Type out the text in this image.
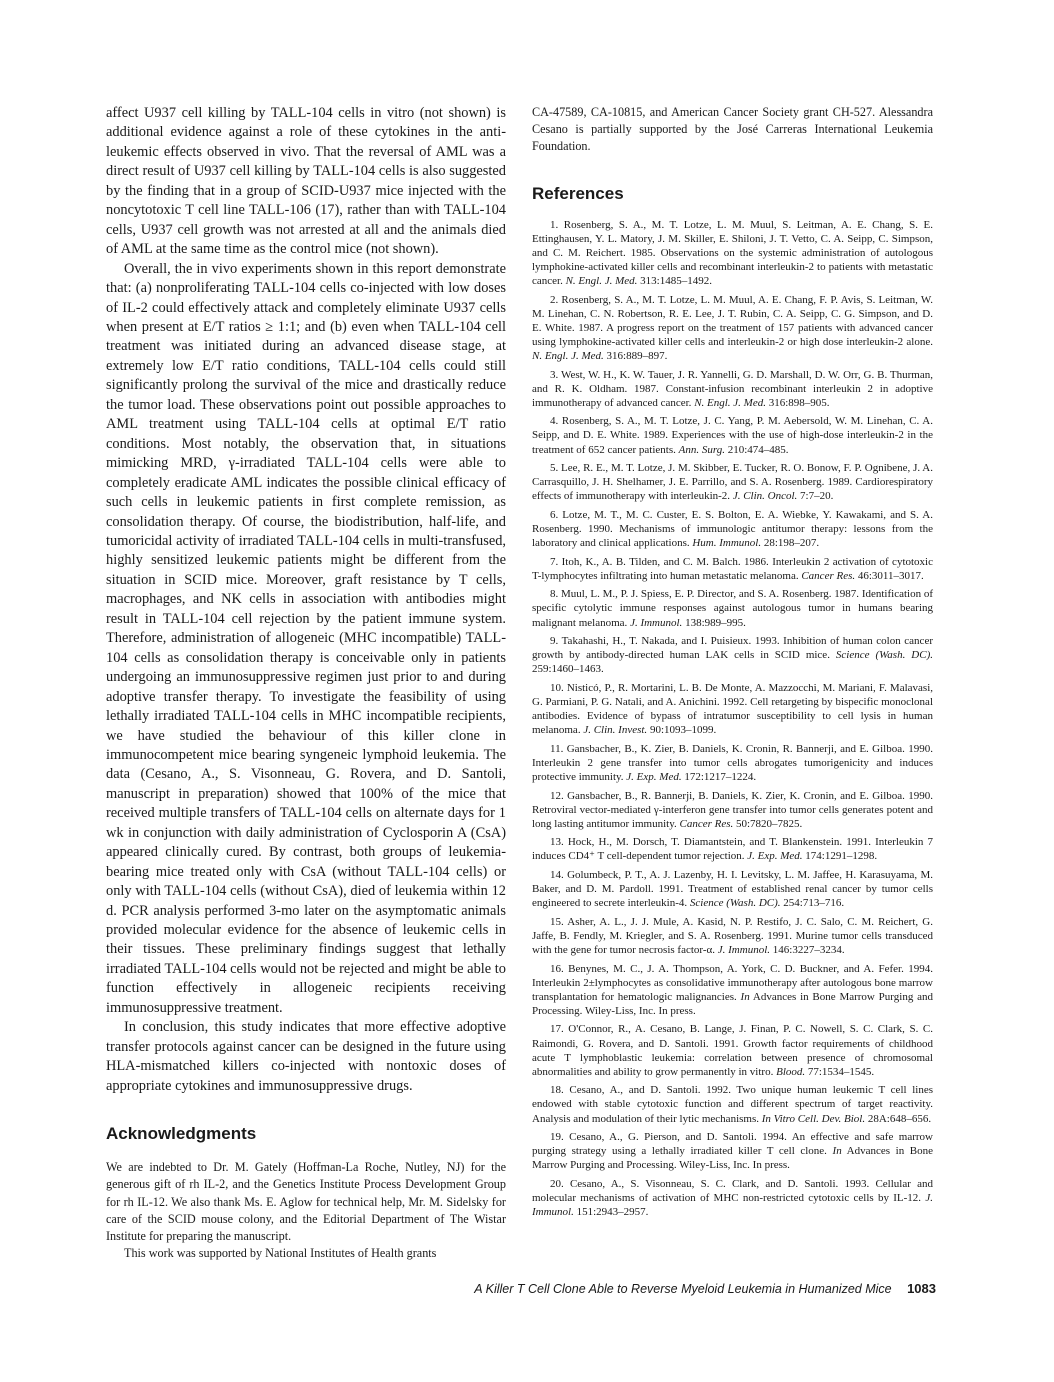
affect U937 cell killing by TALL-104 cells in vitro (not shown) is additional evidence against a role of these cytokines in the anti-leukemic effects observed in vivo. That the reversal of AML was a direct result of U937 cell killing by TALL-104 cells is also suggested by the finding that in a group of SCID-U937 mice injected with the noncytotoxic T cell line TALL-106 (17), rather than with TALL-104 cells, U937 cell growth was not arrested at all and the animals died of AML at the same time as the control mice (not shown).

Overall, the in vivo experiments shown in this report demonstrate that: (a) nonproliferating TALL-104 cells co-injected with low doses of IL-2 could effectively attack and completely eliminate U937 cells when present at E/T ratios ≥ 1:1; and (b) even when TALL-104 cell treatment was initiated during an advanced disease stage, at extremely low E/T ratio conditions, TALL-104 cells could still significantly prolong the survival of the mice and drastically reduce the tumor load. These observations point out possible approaches to AML treatment using TALL-104 cells at optimal E/T ratio conditions. Most notably, the observation that, in situations mimicking MRD, γ-irradiated TALL-104 cells were able to completely eradicate AML indicates the possible clinical efficacy of such cells in leukemic patients in first complete remission, as consolidation therapy. Of course, the biodistribution, half-life, and tumoricidal activity of irradiated TALL-104 cells in multi-transfused, highly sensitized leukemic patients might be different from the situation in SCID mice. Moreover, graft resistance by T cells, macrophages, and NK cells in association with antibodies might result in TALL-104 cell rejection by the patient immune system. Therefore, administration of allogeneic (MHC incompatible) TALL-104 cells as consolidation therapy is conceivable only in patients undergoing an immunosuppressive regimen just prior to and during adoptive transfer therapy. To investigate the feasibility of using lethally irradiated TALL-104 cells in MHC incompatible recipients, we have studied the behaviour of this killer clone in immunocompetent mice bearing syngeneic lymphoid leukemia. The data (Cesano, A., S. Visonneau, G. Rovera, and D. Santoli, manuscript in preparation) showed that 100% of the mice that received multiple transfers of TALL-104 cells on alternate days for 1 wk in conjunction with daily administration of Cyclosporin A (CsA) appeared clinically cured. By contrast, both groups of leukemia-bearing mice treated only with CsA (without TALL-104 cells) or only with TALL-104 cells (without CsA), died of leukemia within 12 d. PCR analysis performed 3-mo later on the asymptomatic animals provided molecular evidence for the absence of leukemic cells in their tissues. These preliminary findings suggest that lethally irradiated TALL-104 cells would not be rejected and might be able to function effectively in allogeneic recipients receiving immunosuppressive treatment.

In conclusion, this study indicates that more effective adoptive transfer protocols against cancer can be designed in the future using HLA-mismatched killers co-injected with nontoxic doses of appropriate cytokines and immunosuppressive drugs.

Acknowledgments

We are indebted to Dr. M. Gately (Hoffman-La Roche, Nutley, NJ) for the generous gift of rh IL-2, and the Genetics Institute Process Development Group for rh IL-12. We also thank Ms. E. Aglow for technical help, Mr. M. Sidelsky for care of the SCID mouse colony, and the Editorial Department of The Wistar Institute for preparing the manuscript.

This work was supported by National Institutes of Health grants

CA-47589, CA-10815, and American Cancer Society grant CH-527. Alessandra Cesano is partially supported by the José Carreras International Leukemia Foundation.

References

1. Rosenberg, S. A., M. T. Lotze, L. M. Muul, S. Leitman, A. E. Chang, S. E. Ettinghausen, Y. L. Matory, J. M. Skiller, E. Shiloni, J. T. Vetto, C. A. Seipp, C. Simpson, and C. M. Reichert. 1985. Observations on the systemic administration of autologous lymphokine-activated killer cells and recombinant interleukin-2 to patients with metastatic cancer. N. Engl. J. Med. 313:1485–1492.

2. Rosenberg, S. A., M. T. Lotze, L. M. Muul, A. E. Chang, F. P. Avis, S. Leitman, W. M. Linehan, C. N. Robertson, R. E. Lee, J. T. Rubin, C. A. Seipp, C. G. Simpson, and D. E. White. 1987. A progress report on the treatment of 157 patients with advanced cancer using lymphokine-activated killer cells and interleukin-2 or high dose interleukin-2 alone. N. Engl. J. Med. 316:889–897.

3. West, W. H., K. W. Tauer, J. R. Yannelli, G. D. Marshall, D. W. Orr, G. B. Thurman, and R. K. Oldham. 1987. Constant-infusion recombinant interleukin 2 in adoptive immunotherapy of advanced cancer. N. Engl. J. Med. 316:898–905.

4. Rosenberg, S. A., M. T. Lotze, J. C. Yang, P. M. Aebersold, W. M. Linehan, C. A. Seipp, and D. E. White. 1989. Experiences with the use of high-dose interleukin-2 in the treatment of 652 cancer patients. Ann. Surg. 210:474–485.

5. Lee, R. E., M. T. Lotze, J. M. Skibber, E. Tucker, R. O. Bonow, F. P. Ognibene, J. A. Carrasquillo, J. H. Shelhamer, J. E. Parrillo, and S. A. Rosenberg. 1989. Cardiorespiratory effects of immunotherapy with interleukin-2. J. Clin. Oncol. 7:7–20.

6. Lotze, M. T., M. C. Custer, E. S. Bolton, E. A. Wiebke, Y. Kawakami, and S. A. Rosenberg. 1990. Mechanisms of immunologic antitumor therapy: lessons from the laboratory and clinical applications. Hum. Immunol. 28:198–207.

7. Itoh, K., A. B. Tilden, and C. M. Balch. 1986. Interleukin 2 activation of cytotoxic T-lymphocytes infiltrating into human metastatic melanoma. Cancer Res. 46:3011–3017.

8. Muul, L. M., P. J. Spiess, E. P. Director, and S. A. Rosenberg. 1987. Identification of specific cytolytic immune responses against autologous tumor in humans bearing malignant melanoma. J. Immunol. 138:989–995.

9. Takahashi, H., T. Nakada, and I. Puisieux. 1993. Inhibition of human colon cancer growth by antibody-directed human LAK cells in SCID mice. Science (Wash. DC). 259:1460–1463.

10. Nisticó, P., R. Mortarini, L. B. De Monte, A. Mazzocchi, M. Mariani, F. Malavasi, G. Parmiani, P. G. Natali, and A. Anichini. 1992. Cell retargeting by bispecific monoclonal antibodies. Evidence of bypass of intratumor susceptibility to cell lysis in human melanoma. J. Clin. Invest. 90:1093–1099.

11. Gansbacher, B., K. Zier, B. Daniels, K. Cronin, R. Bannerji, and E. Gilboa. 1990. Interleukin 2 gene transfer into tumor cells abrogates tumorigenicity and induces protective immunity. J. Exp. Med. 172:1217–1224.

12. Gansbacher, B., R. Bannerji, B. Daniels, K. Zier, K. Cronin, and E. Gilboa. 1990. Retroviral vector-mediated γ-interferon gene transfer into tumor cells generates potent and long lasting antitumor immunity. Cancer Res. 50:7820–7825.

13. Hock, H., M. Dorsch, T. Diamantstein, and T. Blankenstein. 1991. Interleukin 7 induces CD4⁺ T cell-dependent tumor rejection. J. Exp. Med. 174:1291–1298.

14. Golumbeck, P. T., A. J. Lazenby, H. I. Levitsky, L. M. Jaffee, H. Karasuyama, M. Baker, and D. M. Pardoll. 1991. Treatment of established renal cancer by tumor cells engineered to secrete interleukin-4. Science (Wash. DC). 254:713–716.

15. Asher, A. L., J. J. Mule, A. Kasid, N. P. Restifo, J. C. Salo, C. M. Reichert, G. Jaffe, B. Fendly, M. Kriegler, and S. A. Rosenberg. 1991. Murine tumor cells transduced with the gene for tumor necrosis factor-α. J. Immunol. 146:3227–3234.

16. Benynes, M. C., J. A. Thompson, A. York, C. D. Buckner, and A. Fefer. 1994. Interleukin 2±lymphocytes as consolidative immunotherapy after autologous bone marrow transplantation for hematologic malignancies. In Advances in Bone Marrow Purging and Processing. Wiley-Liss, Inc. In press.

17. O'Connor, R., A. Cesano, B. Lange, J. Finan, P. C. Nowell, S. C. Clark, S. C. Raimondi, G. Rovera, and D. Santoli. 1991. Growth factor requirements of childhood acute T lymphoblastic leukemia: correlation between presence of chromosomal abnormalities and ability to grow permanently in vitro. Blood. 77:1534–1545.

18. Cesano, A., and D. Santoli. 1992. Two unique human leukemic T cell lines endowed with stable cytotoxic function and different spectrum of target reactivity. Analysis and modulation of their lytic mechanisms. In Vitro Cell. Dev. Biol. 28A:648–656.

19. Cesano, A., G. Pierson, and D. Santoli. 1994. An effective and safe marrow purging strategy using a lethally irradiated killer T cell clone. In Advances in Bone Marrow Purging and Processing. Wiley-Liss, Inc. In press.

20. Cesano, A., S. Visonneau, S. C. Clark, and D. Santoli. 1993. Cellular and molecular mechanisms of activation of MHC non-restricted cytotoxic cells by IL-12. J. Immunol. 151:2943–2957.

A Killer T Cell Clone Able to Reverse Myeloid Leukemia in Humanized Mice 1083
